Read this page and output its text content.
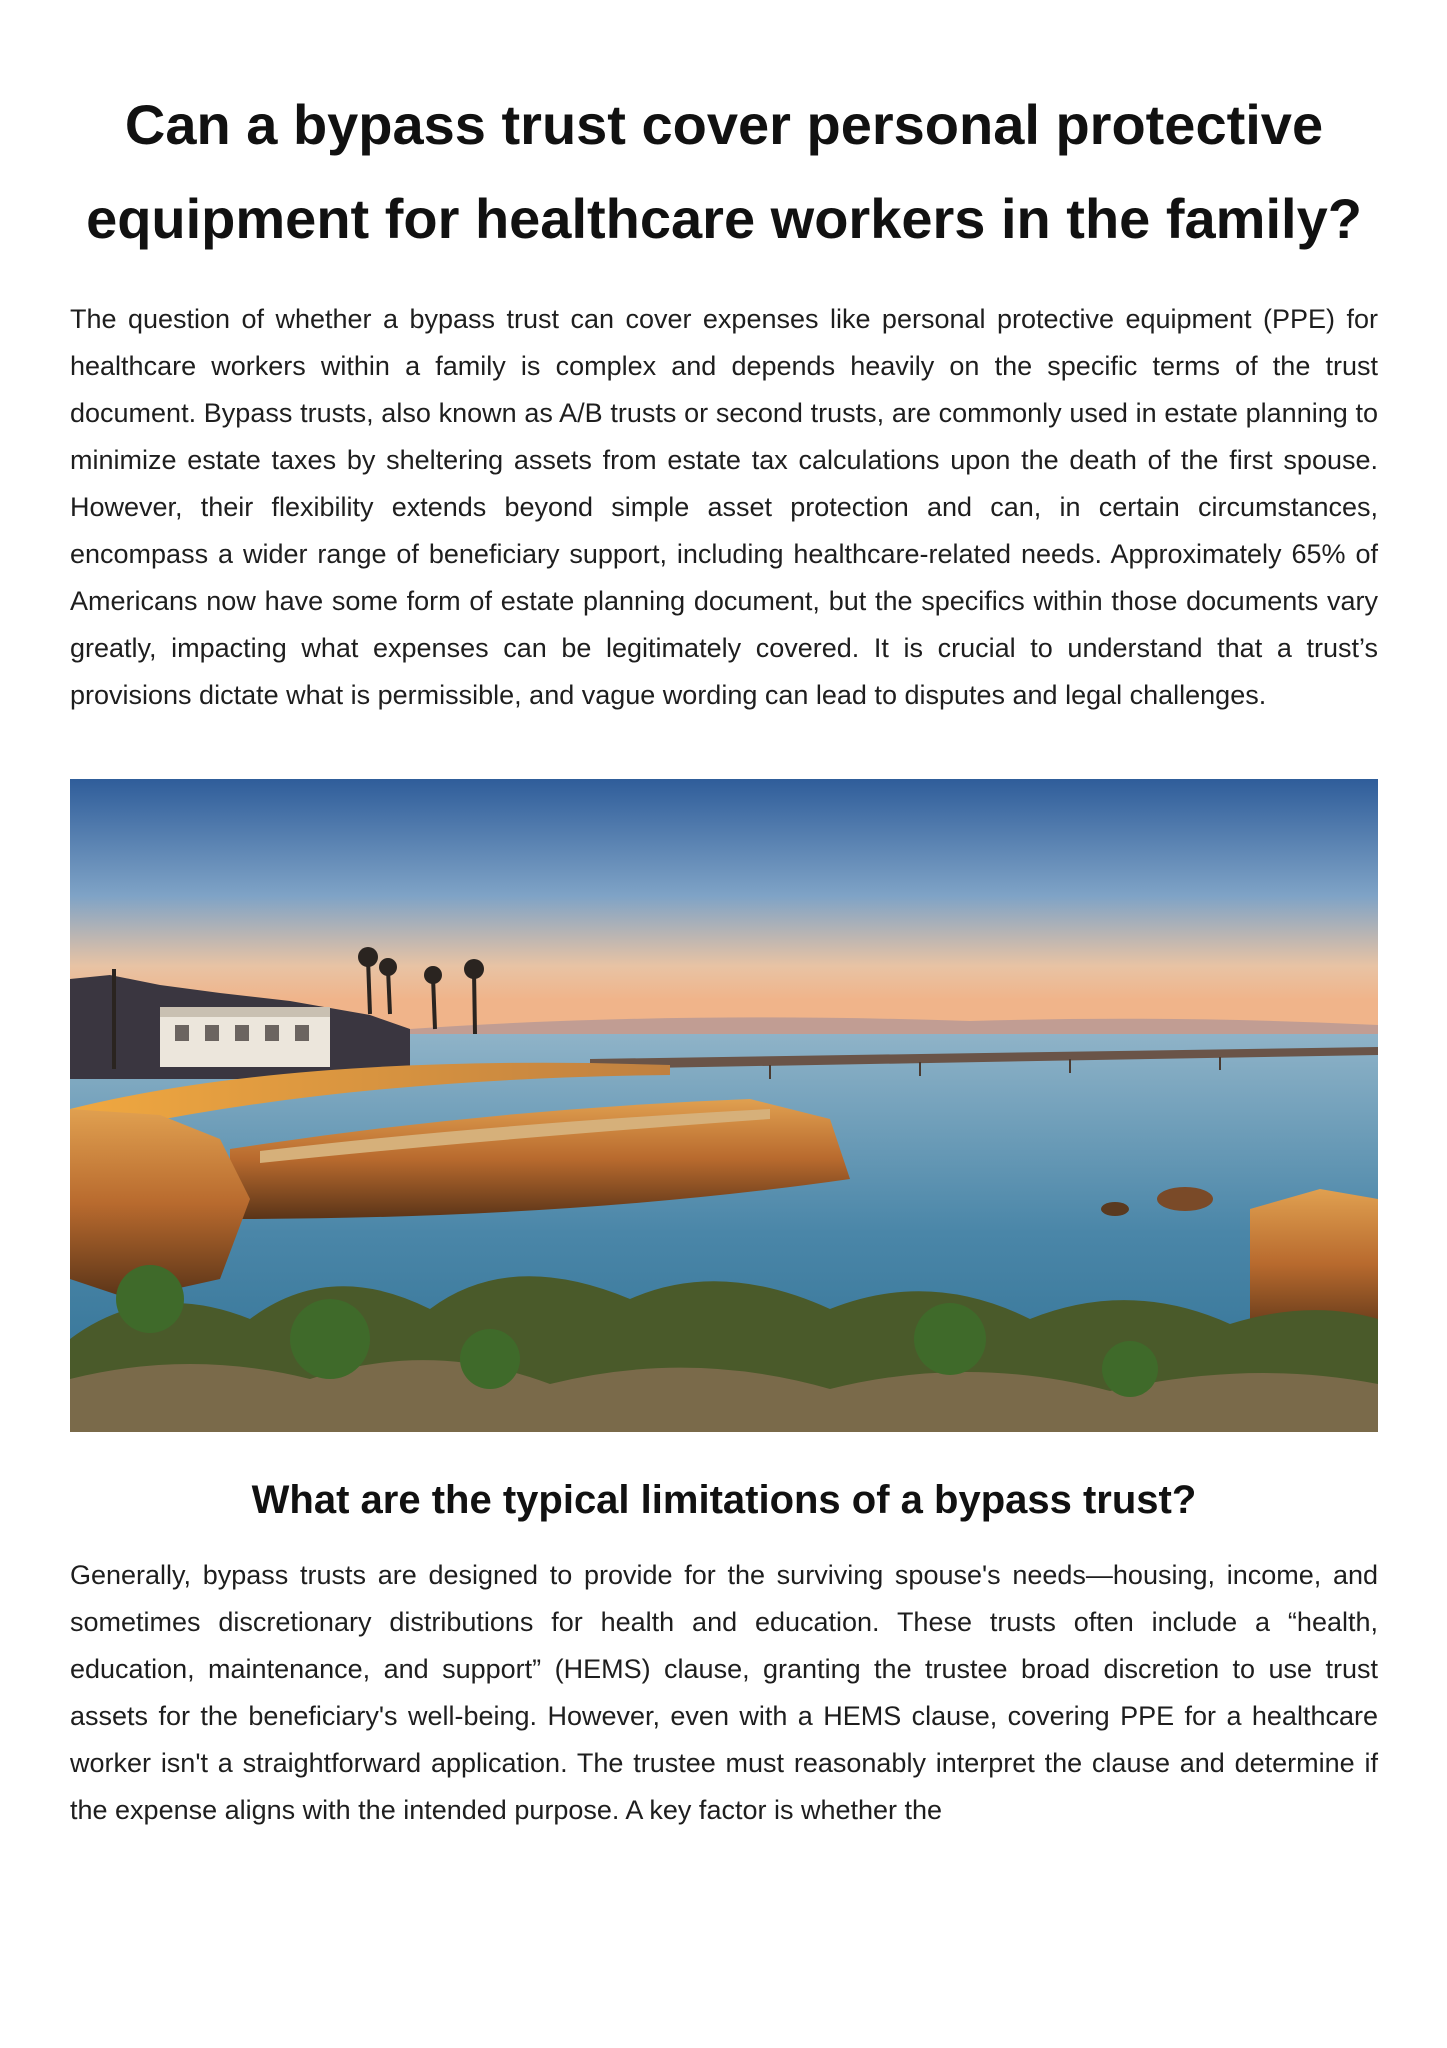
Can a bypass trust cover personal protective equipment for healthcare workers in the family?

The question of whether a bypass trust can cover expenses like personal protective equipment (PPE) for healthcare workers within a family is complex and depends heavily on the specific terms of the trust document. Bypass trusts, also known as A/B trusts or second trusts, are commonly used in estate planning to minimize estate taxes by sheltering assets from estate tax calculations upon the death of the first spouse. However, their flexibility extends beyond simple asset protection and can, in certain circumstances, encompass a wider range of beneficiary support, including healthcare-related needs. Approximately 65% of Americans now have some form of estate planning document, but the specifics within those documents vary greatly, impacting what expenses can be legitimately covered. It is crucial to understand that a trust’s provisions dictate what is permissible, and vague wording can lead to disputes and legal challenges.

What are the typical limitations of a bypass trust?

Generally, bypass trusts are designed to provide for the surviving spouse's needs—housing, income, and sometimes discretionary distributions for health and education. These trusts often include a “health, education, maintenance, and support” (HEMS) clause, granting the trustee broad discretion to use trust assets for the beneficiary's well-being. However, even with a HEMS clause, covering PPE for a healthcare worker isn't a straightforward application. The trustee must reasonably interpret the clause and determine if the expense aligns with the intended purpose. A key factor is whether the
